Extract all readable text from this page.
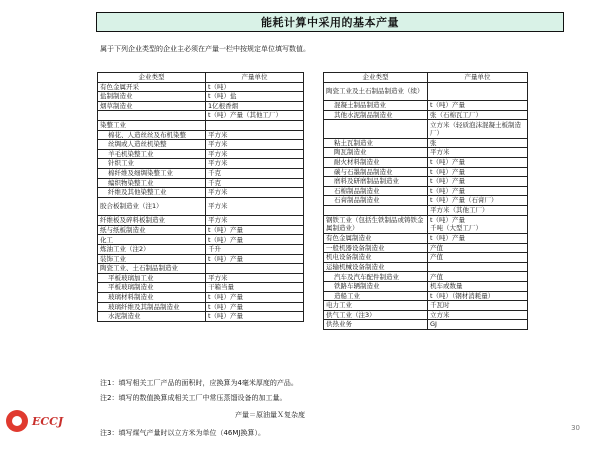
能耗计算中采用的基本产量
属于下列企业类型的企业主必须在产量一栏中按规定单位填写数值。
企业类型	产量单位
有色金属开采	t（吨）
盐制制造业	t（吨）盐
烟草制造业	1亿根香烟
	t（吨）产量（其他工厂）
染整工业	
棉花、人造丝丝及布机染整	平方米
丝绸或人造丝机染整	平方米
羊毛机染整工业	平方米
针织工业	平方米
棉纤维及细绸染整工业	千克
编织物染整工业	千克
纤维及其他染整工业	平方米
胶合板制造业（注1）	平方米
纤维板及碎料板制造业	平方米
纸与纸板制造业	t（吨）产量
化工	t（吨）产量
炼油工业（注2）	千升
装饰工业	t（吨）产量
陶瓷工业、土石制品制造业	
平板玻璃加工业	平方米
平板玻璃制造业	干箱当量
玻璃材料制造业	t（吨）产量
玻璃纤维及其制品制造业	t（吨）产量
水泥制造业	t（吨）产量
企业类型	产量单位
陶瓷工业及土石制品制造业（续）	
混凝土制品制造业	t（吨）产量
其他水泥制品制造业	张（石棉瓦工厂）
	立方米（轻质泡沫混凝土板制造厂）
粘土瓦制造业	张
陶瓦制造业	平方米
耐火材料制造业	t（吨）产量
碳与石墨制品制造业	t（吨）产量
磨料及研磨制品制造业	t（吨）产量
石棉制品制造业	t（吨）产量
石膏制品制造业	t（吨）产量（石膏厂）
	平方米（其他工厂）
钢铁工业（包括生铁制品或铸铁金属制造业）	t（吨）产量
千吨（大型工厂）
有色金属制造业	t（吨）产量
一般机器设备制造业	产值
机电设备制造业	产值
运输机械设备制造业	
汽车及汽车配件制造业	产值
铁路车辆制造业	机车或数量
造船工业	t（吨）（钢材消耗量）
电力工业	千瓦时
供气工业（注3）	立方米
供热业务	GJ
注1：填写相关工厂产品的面积时，应换算为4毫米厚度的产品。
注2：填写的数值换算成相关工厂中常压蒸馏设备的加工量。
产量＝原油量Ｘ复杂度
注3：填写煤气产量时以立方米为单位（46MJ换算）。
ECCJ
30
